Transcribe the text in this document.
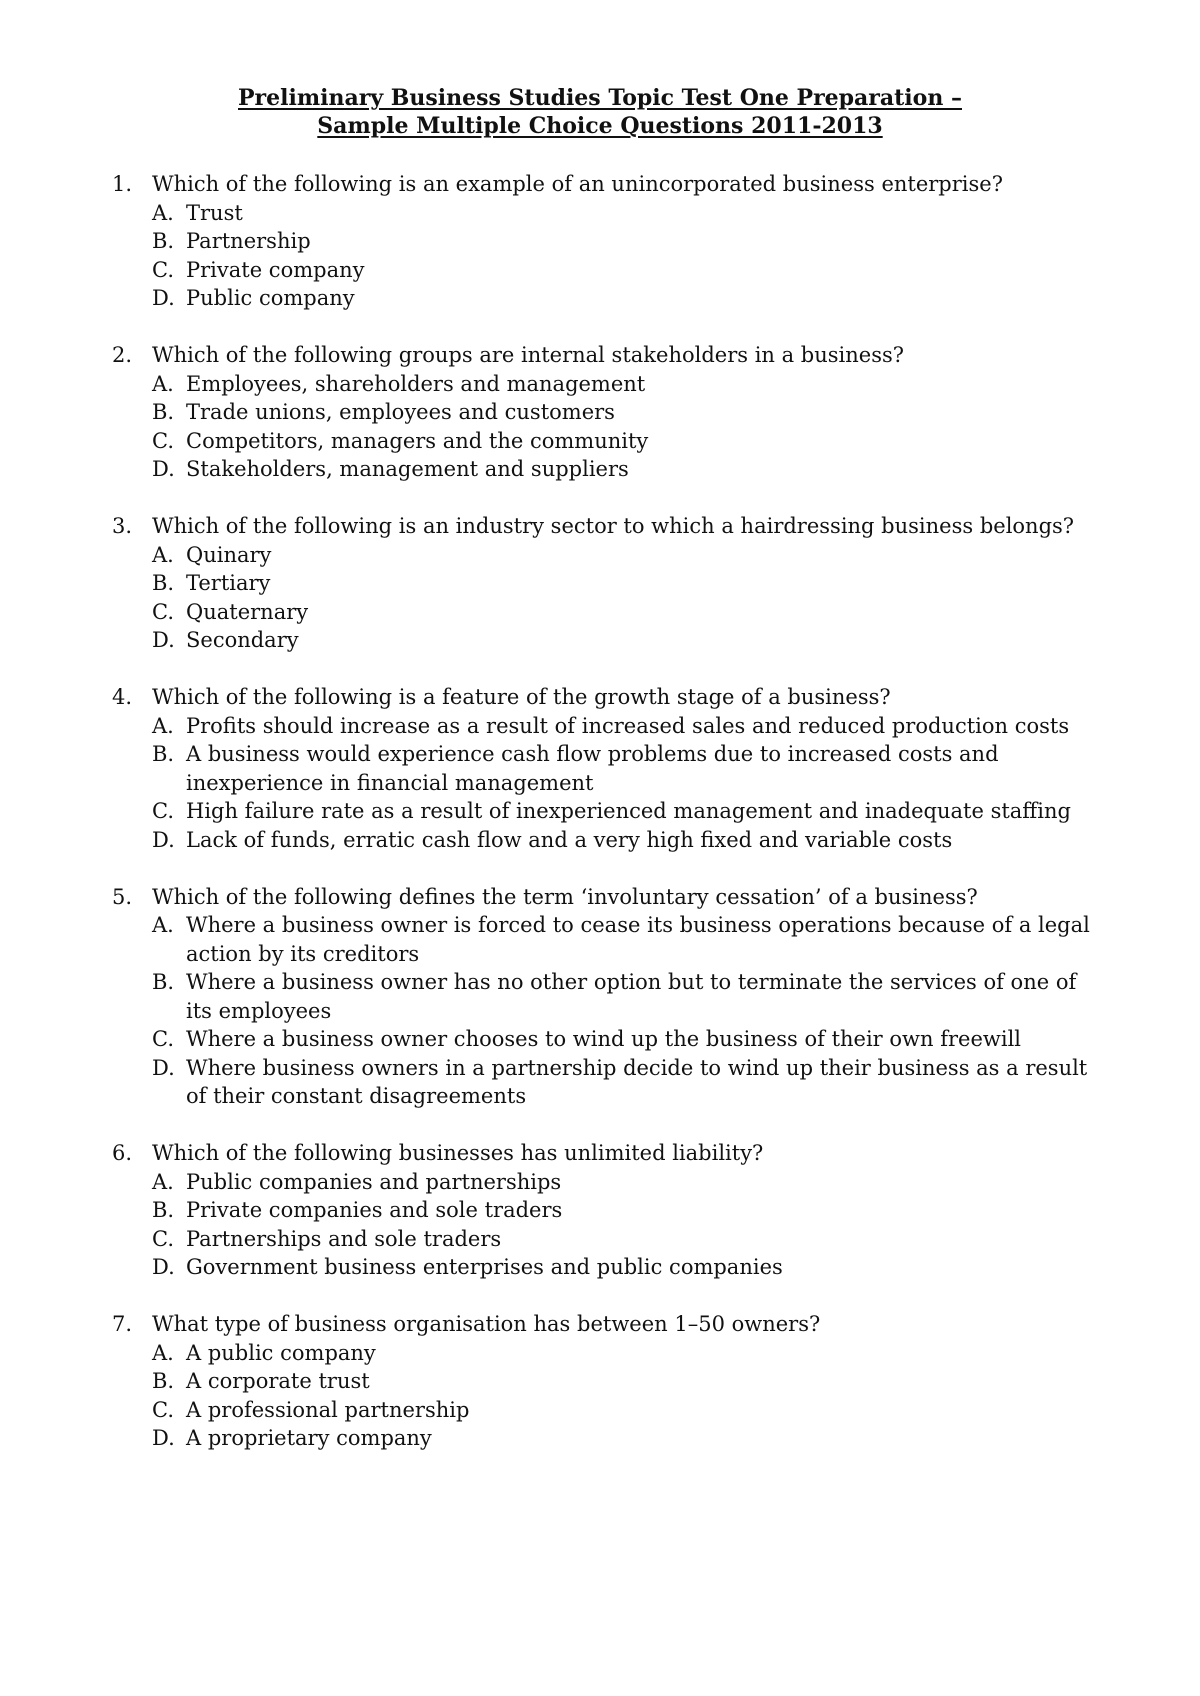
Preliminary Business Studies Topic Test One Preparation –
Sample Multiple Choice Questions 2011-2013
1. Which of the following is an example of an unincorporated business enterprise?
A. Trust
B. Partnership
C. Private company
D. Public company
2. Which of the following groups are internal stakeholders in a business?
A. Employees, shareholders and management
B. Trade unions, employees and customers
C. Competitors, managers and the community
D. Stakeholders, management and suppliers
3. Which of the following is an industry sector to which a hairdressing business belongs?
A. Quinary
B. Tertiary
C. Quaternary
D. Secondary
4. Which of the following is a feature of the growth stage of a business?
A. Profits should increase as a result of increased sales and reduced production costs
B. A business would experience cash flow problems due to increased costs and inexperience in financial management
C. High failure rate as a result of inexperienced management and inadequate staffing
D. Lack of funds, erratic cash flow and a very high fixed and variable costs
5. Which of the following defines the term ‘involuntary cessation’ of a business?
A. Where a business owner is forced to cease its business operations because of a legal action by its creditors
B. Where a business owner has no other option but to terminate the services of one of its employees
C. Where a business owner chooses to wind up the business of their own freewill
D. Where business owners in a partnership decide to wind up their business as a result of their constant disagreements
6. Which of the following businesses has unlimited liability?
A. Public companies and partnerships
B. Private companies and sole traders
C. Partnerships and sole traders
D. Government business enterprises and public companies
7. What type of business organisation has between 1–50 owners?
A. A public company
B. A corporate trust
C. A professional partnership
D. A proprietary company
